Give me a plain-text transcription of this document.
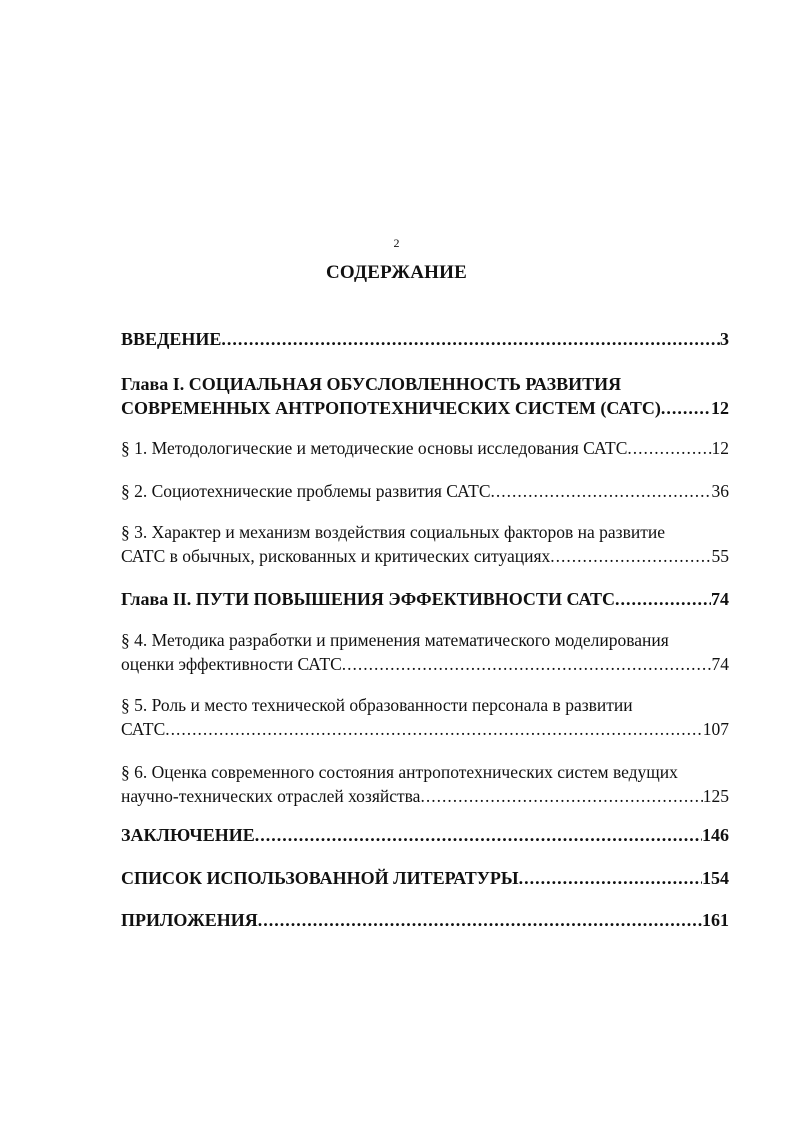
2
СОДЕРЖАНИЕ
ВВЕДЕНИЕ .....	3
Глава I. СОЦИАЛЬНАЯ ОБУСЛОВЛЕННОСТЬ РАЗВИТИЯ
СОВРЕМЕННЫХ АНТРОПОТЕХНИЧЕСКИХ СИСТЕМ (САТС) .....	12
§ 1. Методологические и методические основы исследования САТС .....	12
§ 2. Социотехнические проблемы развития САТС .....	36
§ 3. Характер и механизм воздействия социальных факторов на развитие
САТС в обычных, рискованных и критических ситуациях .....	55
Глава II. ПУТИ ПОВЫШЕНИЯ ЭФФЕКТИВНОСТИ САТС .....	74
§ 4. Методика разработки и применения математического моделирования
оценки эффективности САТС .....	74
§ 5. Роль и место технической образованности персонала в развитии
САТС .....	107
§ 6. Оценка современного состояния антропотехнических систем ведущих
научно-технических отраслей хозяйства .....	125
ЗАКЛЮЧЕНИЕ .....	146
СПИСОК ИСПОЛЬЗОВАННОЙ ЛИТЕРАТУРЫ .....	154
ПРИЛОЖЕНИЯ .....	161
